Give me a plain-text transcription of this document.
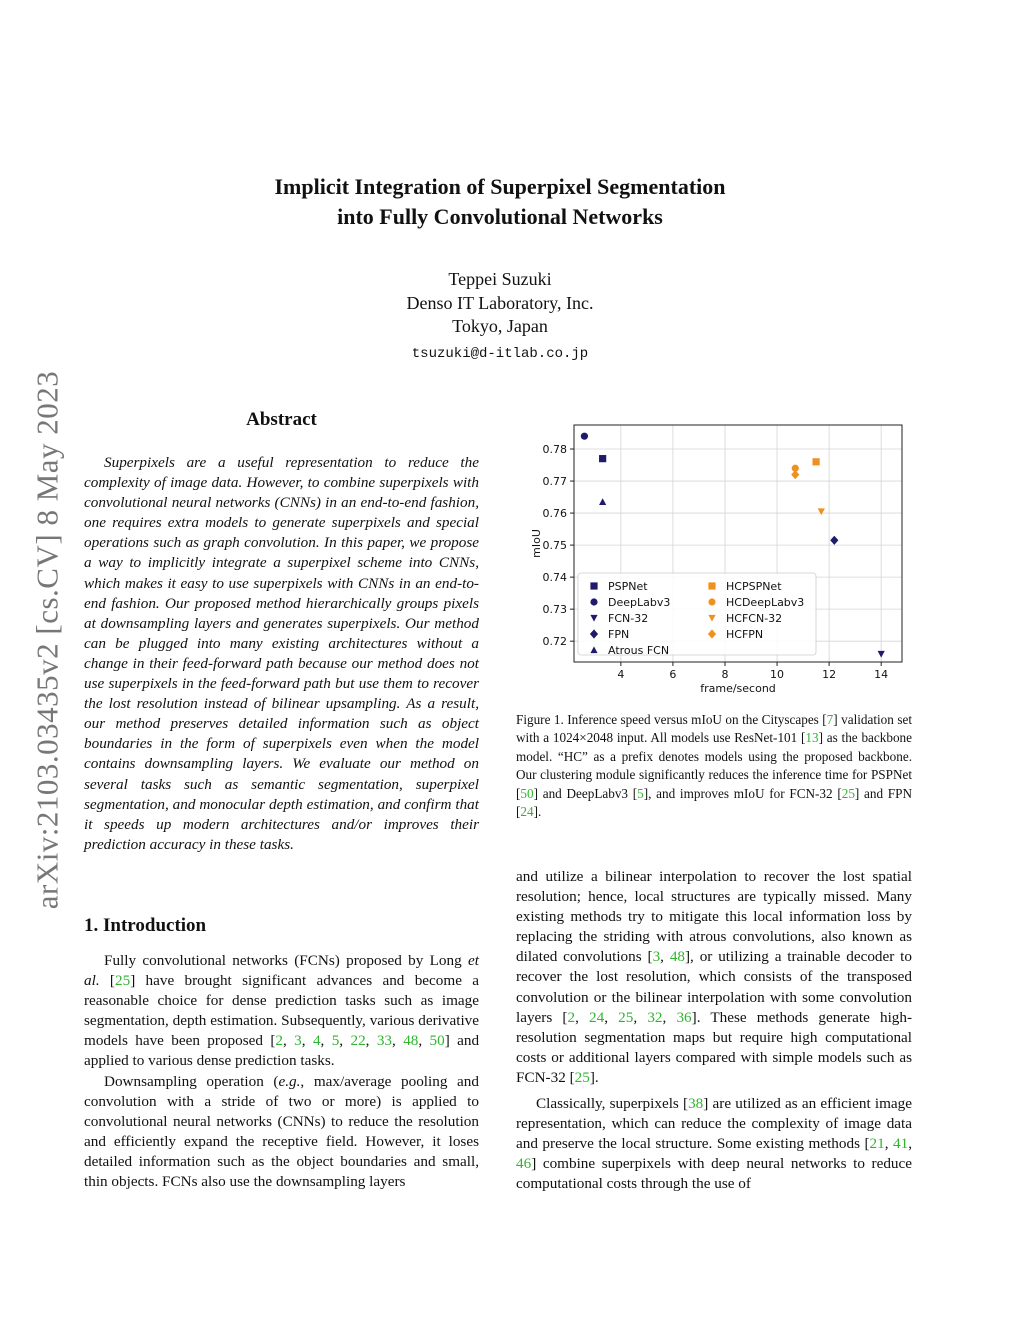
arXiv:2103.03435v2 [cs.CV] 8 May 2023
Implicit Integration of Superpixel Segmentation
into Fully Convolutional Networks
Teppei Suzuki
Denso IT Laboratory, Inc.
Tokyo, Japan
tsuzuki@d-itlab.co.jp
Abstract
Superpixels are a useful representation to reduce the complexity of image data. However, to combine superpixels with convolutional neural networks (CNNs) in an end-to-end fashion, one requires extra models to generate superpixels and special operations such as graph convolution. In this paper, we propose a way to implicitly integrate a superpixel scheme into CNNs, which makes it easy to use superpixels with CNNs in an end-to-end fashion. Our proposed method hierarchically groups pixels at downsampling layers and generates superpixels. Our method can be plugged into many existing architectures without a change in their feed-forward path because our method does not use superpixels in the feed-forward path but use them to recover the lost resolution instead of bilinear upsampling. As a result, our method preserves detailed information such as object boundaries in the form of superpixels even when the model contains downsampling layers. We evaluate our method on several tasks such as semantic segmentation, superpixel segmentation, and monocular depth estimation, and confirm that it speeds up modern architectures and/or improves their prediction accuracy in these tasks.
1. Introduction

Fully convolutional networks (FCNs) proposed by Long et al. [25] have brought significant advances and become a reasonable choice for dense prediction tasks such as image segmentation, depth estimation. Subsequently, various derivative models have been proposed [2, 3, 4, 5, 22, 33, 48, 50] and applied to various dense prediction tasks.

Downsampling operation (e.g., max/average pooling and convolution with a stride of two or more) is applied to convolutional neural networks (CNNs) to reduce the resolution and efficiently expand the receptive field. However, it loses detailed information such as the object boundaries and small, thin objects. FCNs also use the downsampling layers

4	6	8	10	12	14
0.72
0.73
0.74
0.75
0.76
0.77
0.78
frame/second
mIoU
PSPNet
DeepLabv3
FCN-32
FPN
Atrous FCN
HCPSPNet
HCDeepLabv3
HCFCN-32
HCFPN
Figure 1. Inference speed versus mIoU on the Cityscapes [7] validation set with a 1024×2048 input. All models use ResNet-101 [13] as the backbone model. “HC” as a prefix denotes models using the proposed backbone. Our clustering module significantly reduces the inference time for PSPNet [50] and DeepLabv3 [5], and improves mIoU for FCN-32 [25] and FPN [24].

and utilize a bilinear interpolation to recover the lost spatial resolution; hence, local structures are typically missed. Many existing methods try to mitigate this local information loss by replacing the striding with atrous convolutions, also known as dilated convolutions [3, 48], or utilizing a trainable decoder to recover the lost resolution, which consists of the transposed convolution or the bilinear interpolation with some convolution layers [2, 24, 25, 32, 36]. These methods generate high-resolution segmentation maps but require high computational costs or additional layers compared with simple models such as FCN-32 [25].

Classically, superpixels [38] are utilized as an efficient image representation, which can reduce the complexity of image data and preserve the local structure. Some existing methods [21, 41, 46] combine superpixels with deep neural networks to reduce computational costs through the use of
